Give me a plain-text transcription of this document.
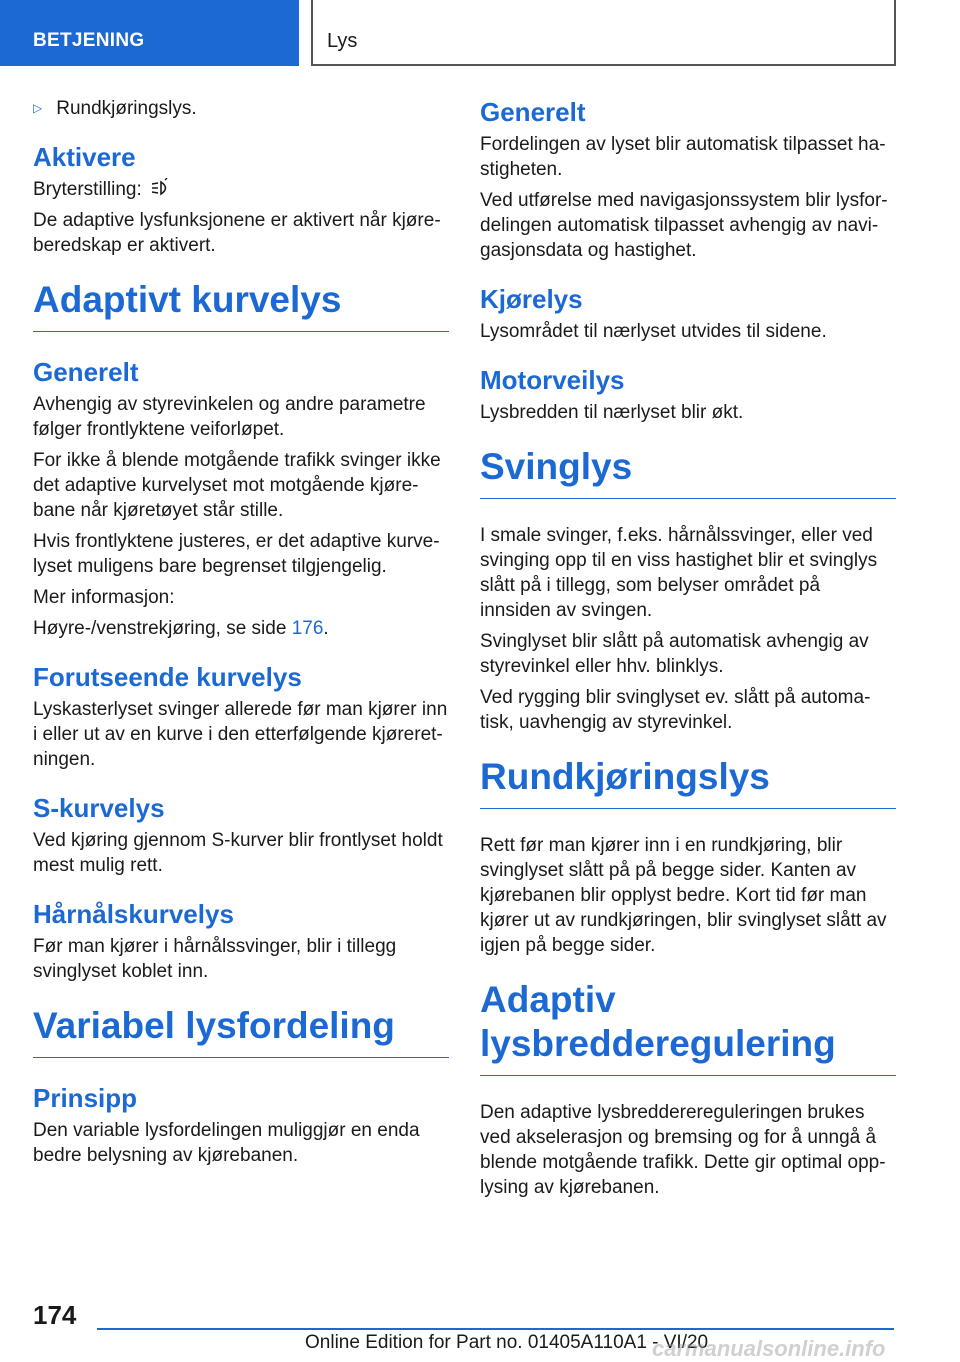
BETJENING	Lys
▷ Rundkjøringslys.
Aktivere

Bryterstilling:

De adaptive lysfunksjonene er aktivert når kjøreberedskap er aktivert.

Adaptivt kurvelys
Generelt

Avhengig av styrevinkelen og andre parametre følger frontlyktene veiforløpet.

For ikke å blende motgående trafikk svinger ikke det adaptive kurvelyset mot motgående kjørebane når kjøretøyet står stille.

Hvis frontlyktene justeres, er det adaptive kurvelyset muligens bare begrenset tilgjengelig.

Mer informasjon:

Høyre-/venstrekjøring, se side 176.

Forutseende kurvelys

Lyskasterlyset svinger allerede før man kjører inn i eller ut av en kurve i den etterfølgende kjøreretningen.

S-kurvelys

Ved kjøring gjennom S-kurver blir frontlyset holdt mest mulig rett.

Hårnålskurvelys

Før man kjører i hårnålssvinger, blir i tillegg svinglyset koblet inn.

Variabel lysfordeling
Prinsipp

Den variable lysfordelingen muliggjør en enda bedre belysning av kjørebanen.

Generelt

Fordelingen av lyset blir automatisk tilpasset hastigheten.

Ved utførelse med navigasjonssystem blir lysfordelingen automatisk tilpasset avhengig av navigasjonsdata og hastighet.

Kjørelys

Lysområdet til nærlyset utvides til sidene.

Motorveilys

Lysbredden til nærlyset blir økt.

Svinglys

I smale svinger, f.eks. hårnålssvinger, eller ved svinging opp til en viss hastighet blir et svinglys slått på i tillegg, som belyser området på innsiden av svingen.

Svinglyset blir slått på automatisk avhengig av styrevinkel eller hhv. blinklys.

Ved rygging blir svinglyset ev. slått på automatisk, uavhengig av styrevinkel.

Rundkjøringslys

Rett før man kjører inn i en rundkjøring, blir svinglyset slått på på begge sider. Kanten av kjørebanen blir opplyst bedre. Kort tid før man kjører ut av rundkjøringen, blir svinglyset slått av igjen på begge sider.

Adaptiv
lysbredderegulering

Den adaptive lysbredderereguleringen brukes ved akselerasjon og bremsing og for å unngå å blende motgående trafikk. Dette gir optimal opplysing av kjørebanen.

174
Online Edition for Part no. 01405A110A1 - VI/20
carmanualsonline.info
